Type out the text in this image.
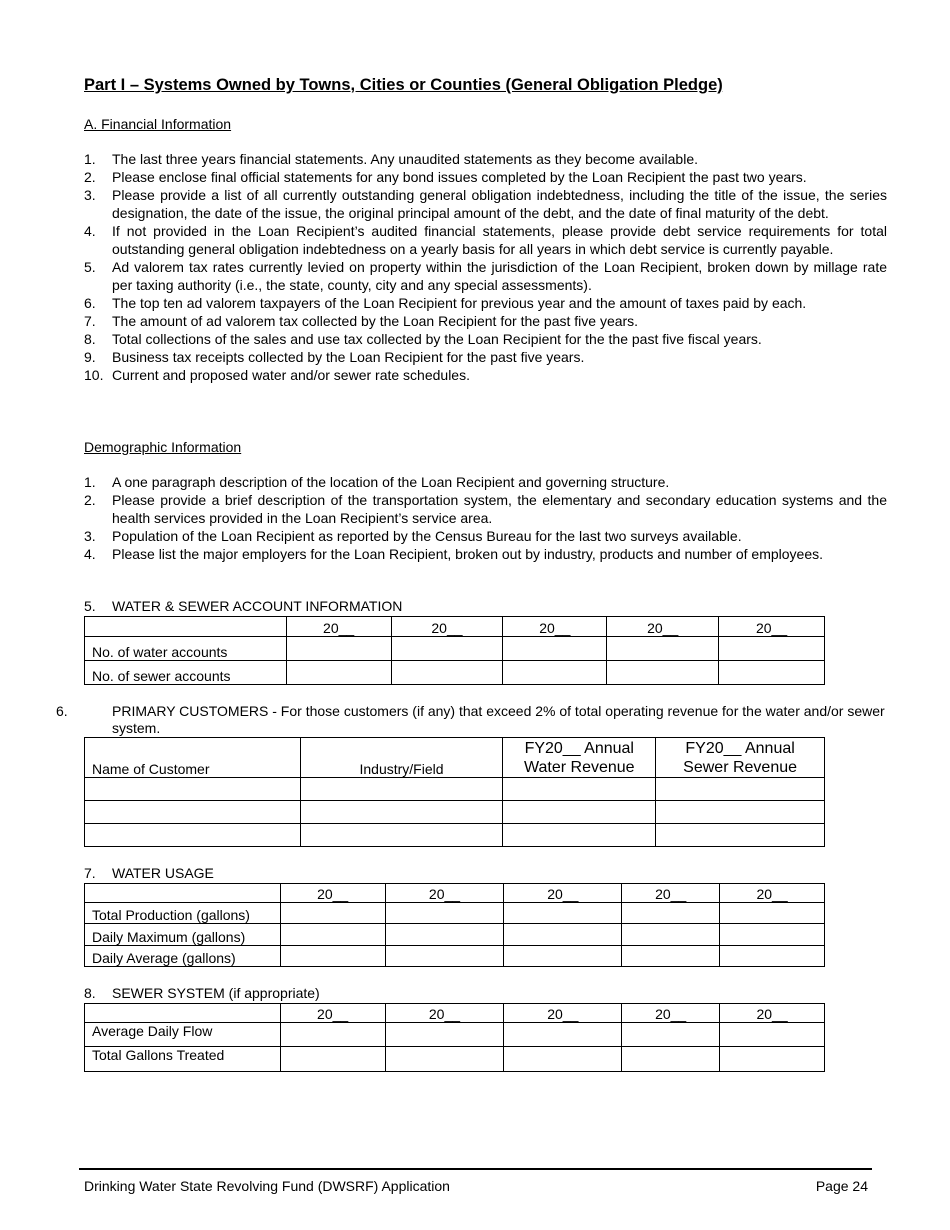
Part I – Systems Owned by Towns, Cities or Counties (General Obligation Pledge)
A. Financial Information
1. The last three years financial statements. Any unaudited statements as they become available.
2. Please enclose final official statements for any bond issues completed by the Loan Recipient the past two years.
3. Please provide a list of all currently outstanding general obligation indebtedness, including the title of the issue, the series designation, the date of the issue, the original principal amount of the debt, and the date of final maturity of the debt.
4. If not provided in the Loan Recipient’s audited financial statements, please provide debt service requirements for total outstanding general obligation indebtedness on a yearly basis for all years in which debt service is currently payable.
5. Ad valorem tax rates currently levied on property within the jurisdiction of the Loan Recipient, broken down by millage rate per taxing authority (i.e., the state, county, city and any special assessments).
6. The top ten ad valorem taxpayers of the Loan Recipient for previous year and the amount of taxes paid by each.
7. The amount of ad valorem tax collected by the Loan Recipient for the past five years.
8. Total collections of the sales and use tax collected by the Loan Recipient for the the past five fiscal years.
9. Business tax receipts collected by the Loan Recipient for the past five years.
10. Current and proposed water and/or sewer rate schedules.
Demographic Information
1. A one paragraph description of the location of the Loan Recipient and governing structure.
2. Please provide a brief description of the transportation system, the elementary and secondary education systems and the health services provided in the Loan Recipient’s service area.
3. Population of the Loan Recipient as reported by the Census Bureau for the last two surveys available.
4. Please list the major employers for the Loan Recipient, broken out by industry, products and number of employees.
5. WATER & SEWER ACCOUNT INFORMATION
	20__	20__	20__	20__	20__
No. of water accounts					
No. of sewer accounts					
6.	PRIMARY CUSTOMERS - For those customers (if any) that exceed 2% of total operating revenue for the water and/or sewer system.
Name of Customer	Industry/Field	FY20__ Annual Water Revenue	FY20__ Annual Sewer Revenue

7. WATER USAGE
	20__	20__	20__	20__	20__
Total Production (gallons)					
Daily Maximum (gallons)					
Daily Average (gallons)					
8. SEWER SYSTEM (if appropriate)
	20__	20__	20__	20__	20__
Average Daily Flow					
Total Gallons Treated					
Drinking Water State Revolving Fund (DWSRF) Application	Page 24
